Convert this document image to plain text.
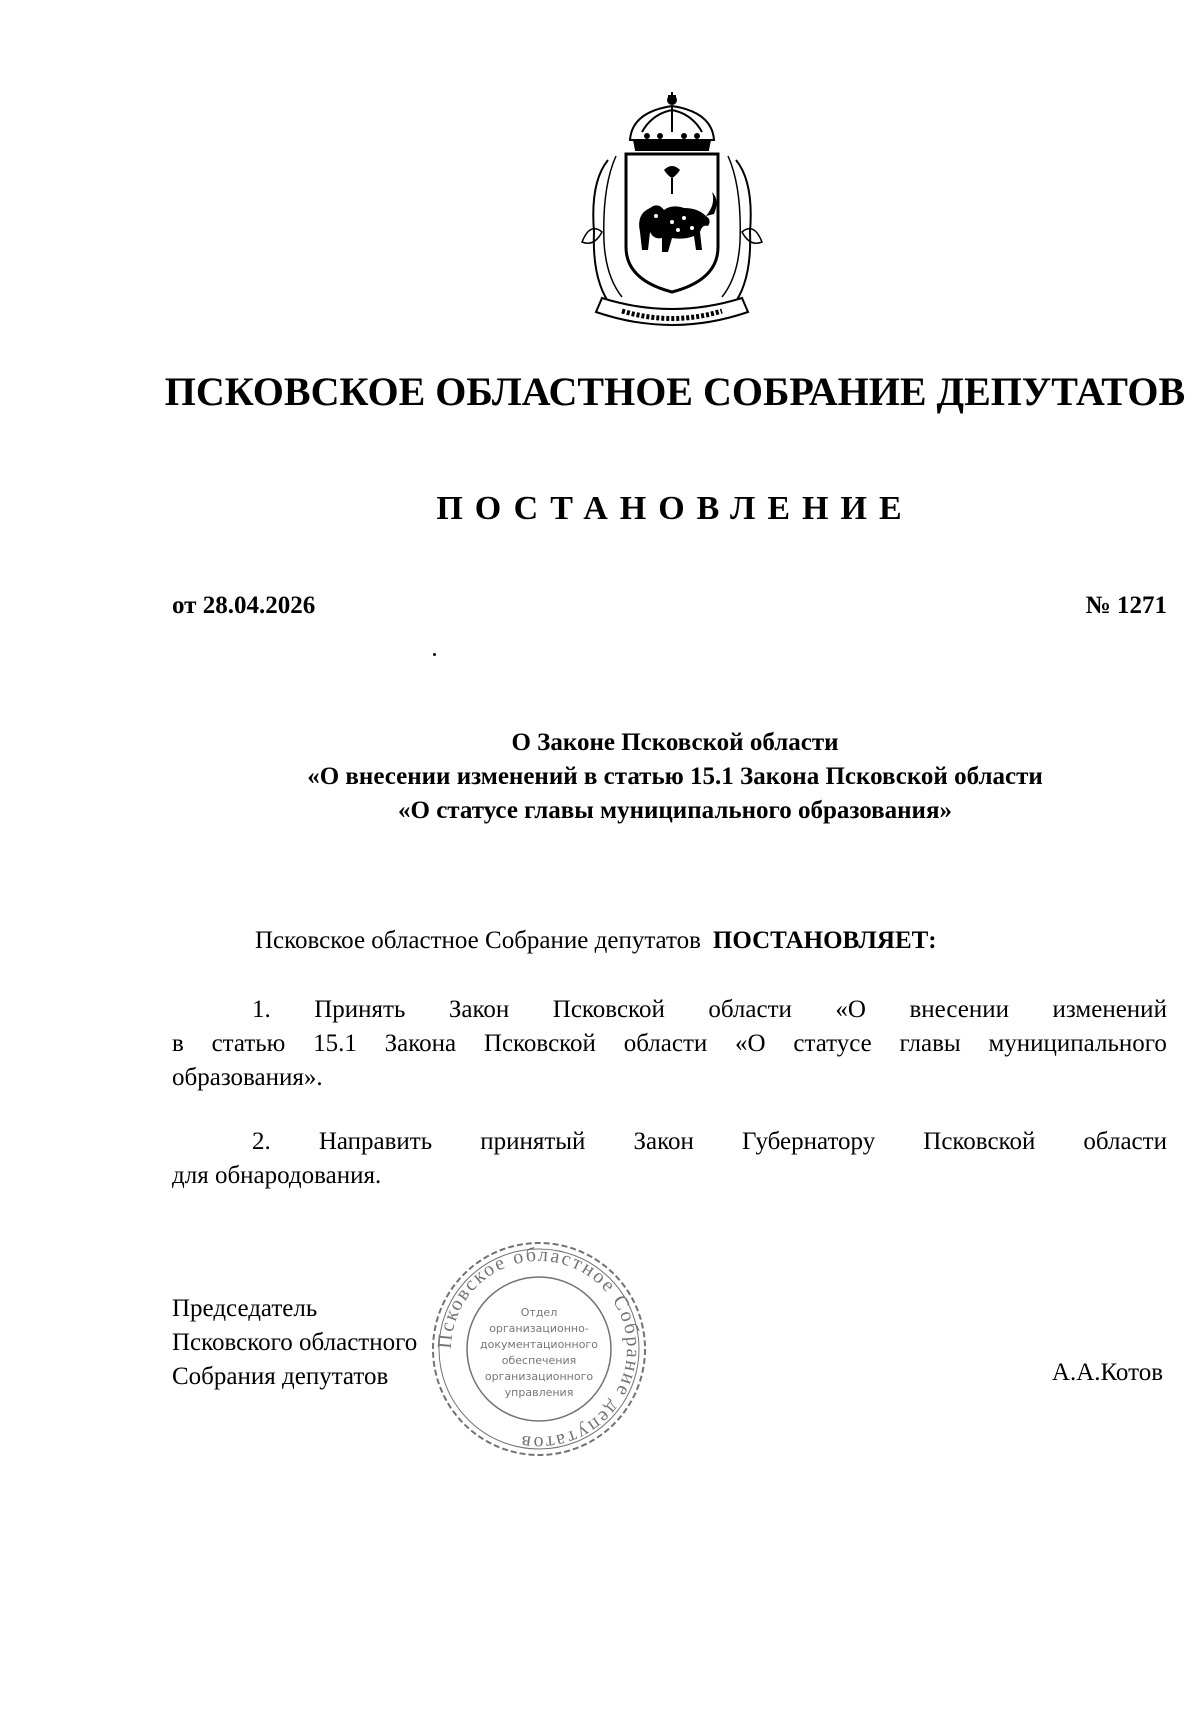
ПСКОВСКОЕ ОБЛАСТНОЕ СОБРАНИЕ ДЕПУТАТОВ
ПОСТАНОВЛЕНИЕ
от 28.04.2026	№ 1271
О Законе Псковской области
«О внесении изменений в статью 15.1 Закона Псковской области
«О статусе главы муниципального образования»
Псковское областное Собрание депутатов ПОСТАНОВЛЯЕТ:
1. Принять Закон Псковской области «О внесении изменений
в статью 15.1 Закона Псковской области «О статусе главы муниципального
образования».
2. Направить принятый Закон Губернатору Псковской области
для обнародования.
Председатель
Псковского областного
Собрания депутатов	А.А.Котов
Псковское областное Собрание депутатов
Отдел
организационно-
документационного
обеспечения
организационного
управления
